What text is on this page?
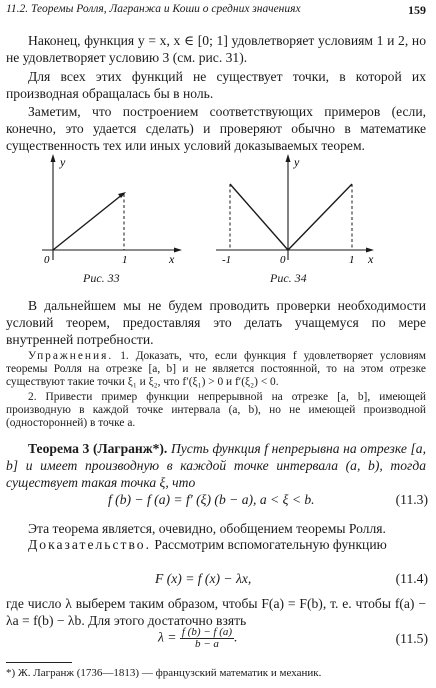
11.2. Теоремы Ролля, Лагранжа и Коши о средних значениях	159
Наконец, функция y = x, x ∈ [0; 1] удовлетворяет условиям 1 и 2, но не удовлетворяет условию 3 (см. рис. 31).
Для всех этих функций не существует точки, в которой их производная обращалась бы в ноль.
Заметим, что построением соответствующих примеров (если, конечно, это удается сделать) и проверяют обычно в математике существенность тех или иных условий доказываемых теорем.
y
0	1	x
Рис. 33
y
-1	0	1 x
Рис. 34
В дальнейшем мы не будем проводить проверки необходимости условий теорем, предоставляя это делать учащемуся по мере внутренней потребности.
Упражнения. 1. Доказать, что, если функция f удовлетворяет условиям теоремы Ролля на отрезке [a, b] и не является постоянной, то на этом отрезке существуют такие точки ξ₁ и ξ₂, что f′(ξ₁) > 0 и f′(ξ₂) < 0.
2. Привести пример функции непрерывной на отрезке [a, b], имеющей производную в каждой точке интервала (a, b), но не имеющей производной (односторонней) в точке a.
Теорема 3 (Лагранж*). Пусть функция f непрерывна на отрезке [a, b] и имеет производную в каждой точке интервала (a, b), тогда существует такая точка ξ, что
f (b) − f (a) = f′ (ξ) (b − a), a < ξ < b.	(11.3)
Эта теорема является, очевидно, обобщением теоремы Ролля.
Доказательство. Рассмотрим вспомогательную функцию
F (x) = f (x) − λx,	(11.4)
где число λ выберем таким образом, чтобы F(a) = F(b), т. е. чтобы f(a) − λa = f(b) − λb. Для этого достаточно взять
$\lambda = \frac{f (b) - f (a)}{b - a}$ .	(11.5)
*) Ж. Лагранж (1736—1813) — французский математик и механик.
